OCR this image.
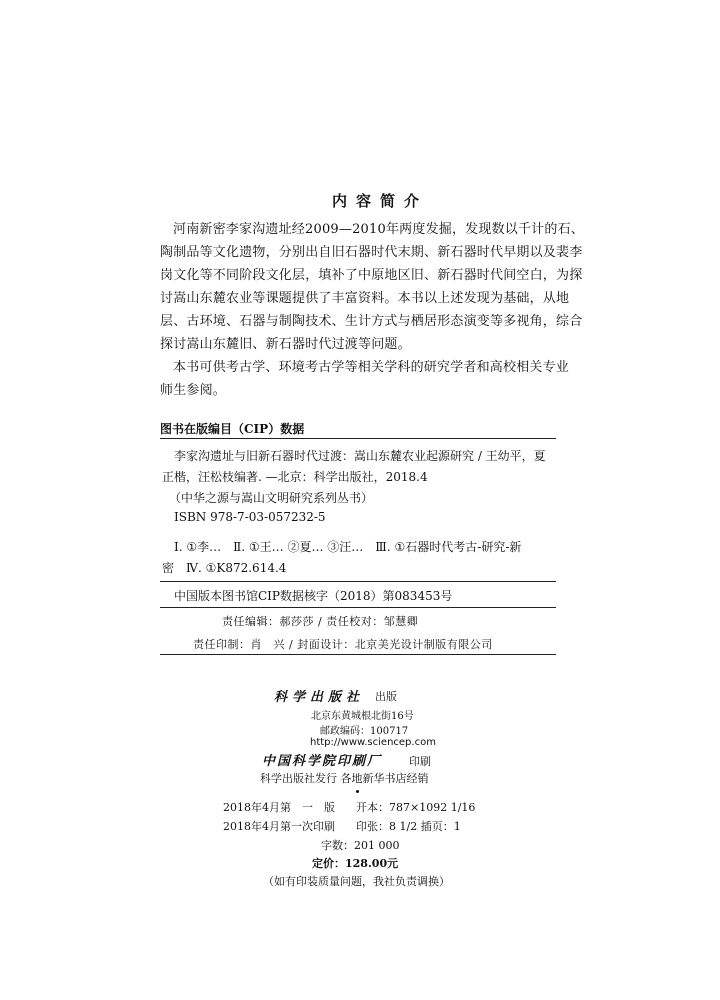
内容简介
河南新密李家沟遗址经2009—2010年两度发掘，发现数以千计的石、
陶制品等文化遗物，分别出自旧石器时代末期、新石器时代早期以及裴李
岗文化等不同阶段文化层，填补了中原地区旧、新石器时代间空白，为探
讨嵩山东麓农业等课题提供了丰富资料。本书以上述发现为基础，从地
层、古环境、石器与制陶技术、生计方式与栖居形态演变等多视角，综合
探讨嵩山东麓旧、新石器时代过渡等问题。
本书可供考古学、环境考古学等相关学科的研究学者和高校相关专业
师生参阅。
图书在版编目（CIP）数据
李家沟遗址与旧新石器时代过渡：嵩山东麓农业起源研究 / 王幼平，夏
正楷，汪松枝编著. —北京：科学出版社，2018.4
（中华之源与嵩山文明研究系列丛书）
ISBN 978-7-03-057232-5
Ⅰ. ①李…　Ⅱ. ①王… ②夏… ③汪…　Ⅲ. ①石器时代考古-研究-新
密　Ⅳ. ①K872.614.4
中国版本图书馆CIP数据核字（2018）第083453号
责任编辑：郝莎莎 / 责任校对：邹慧卿
责任印制：肖　兴 / 封面设计：北京美光设计制版有限公司
科学出版社 出版
北京东黄城根北街16号
邮政编码：100717
http://www.sciencep.com
中国科学院印刷厂 印刷
科学出版社发行 各地新华书店经销
2018年4月第　一　版 开本：787×1092 1/16
2018年4月第一次印刷 印张：8 1/2 插页：1
字数：201 000
定价：128.00元
（如有印装质量问题，我社负责调换）
